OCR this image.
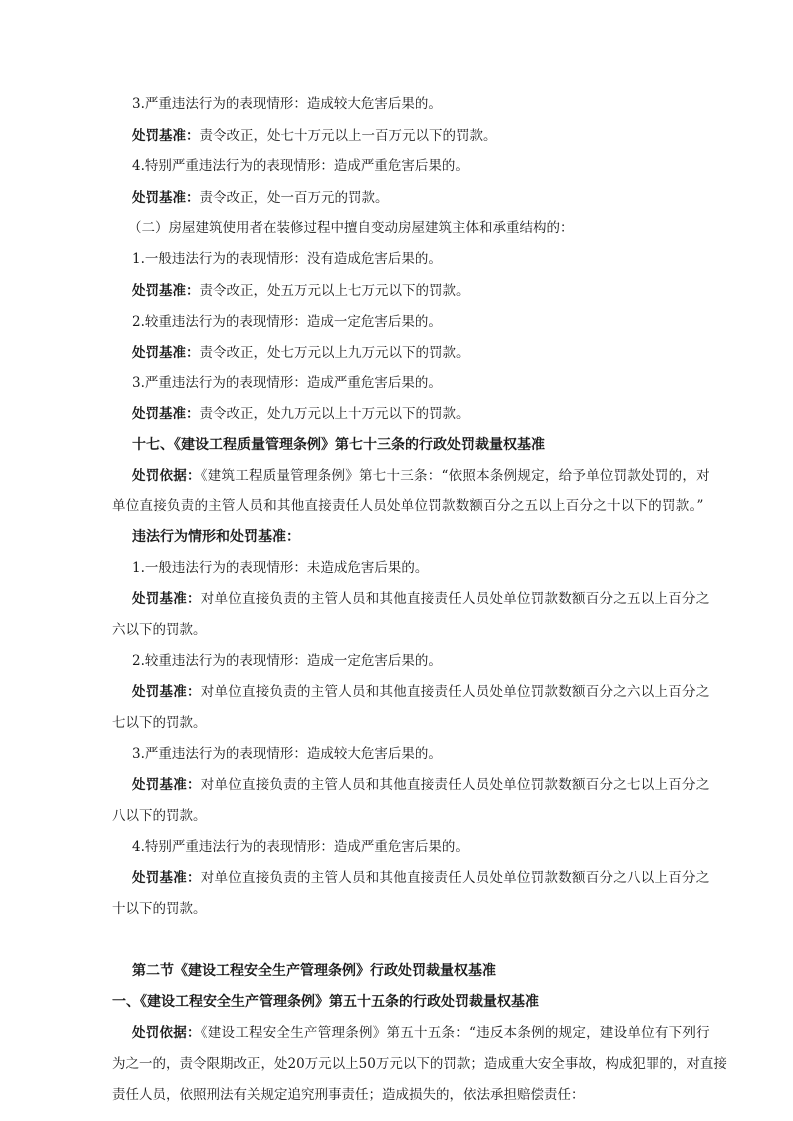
3.严重违法行为的表现情形：造成较大危害后果的。
处罚基准：责令改正，处七十万元以上一百万元以下的罚款。
4.特别严重违法行为的表现情形：造成严重危害后果的。
处罚基准：责令改正，处一百万元的罚款。
（二）房屋建筑使用者在装修过程中擅自变动房屋建筑主体和承重结构的：
1.一般违法行为的表现情形：没有造成危害后果的。
处罚基准：责令改正，处五万元以上七万元以下的罚款。
2.较重违法行为的表现情形：造成一定危害后果的。
处罚基准：责令改正，处七万元以上九万元以下的罚款。
3.严重违法行为的表现情形：造成严重危害后果的。
处罚基准：责令改正，处九万元以上十万元以下的罚款。
十七、《建设工程质量管理条例》第七十三条的行政处罚裁量权基准
处罚依据：《建筑工程质量管理条例》第七十三条：“依照本条例规定，给予单位罚款处罚的，对
单位直接负责的主管人员和其他直接责任人员处单位罚款数额百分之五以上百分之十以下的罚款。”
违法行为情形和处罚基准：
1.一般违法行为的表现情形：未造成危害后果的。
处罚基准：对单位直接负责的主管人员和其他直接责任人员处单位罚款数额百分之五以上百分之
六以下的罚款。
2.较重违法行为的表现情形：造成一定危害后果的。
处罚基准：对单位直接负责的主管人员和其他直接责任人员处单位罚款数额百分之六以上百分之
七以下的罚款。
3.严重违法行为的表现情形：造成较大危害后果的。
处罚基准：对单位直接负责的主管人员和其他直接责任人员处单位罚款数额百分之七以上百分之
八以下的罚款。
4.特别严重违法行为的表现情形：造成严重危害后果的。
处罚基准：对单位直接负责的主管人员和其他直接责任人员处单位罚款数额百分之八以上百分之
十以下的罚款。
第二节《建设工程安全生产管理条例》行政处罚裁量权基准
一、《建设工程安全生产管理条例》第五十五条的行政处罚裁量权基准
处罚依据：《建设工程安全生产管理条例》第五十五条：“违反本条例的规定，建设单位有下列行
为之一的，责令限期改正，处20万元以上50万元以下的罚款；造成重大安全事故，构成犯罪的，对直接
责任人员，依照刑法有关规定追究刑事责任；造成损失的，依法承担赔偿责任：
